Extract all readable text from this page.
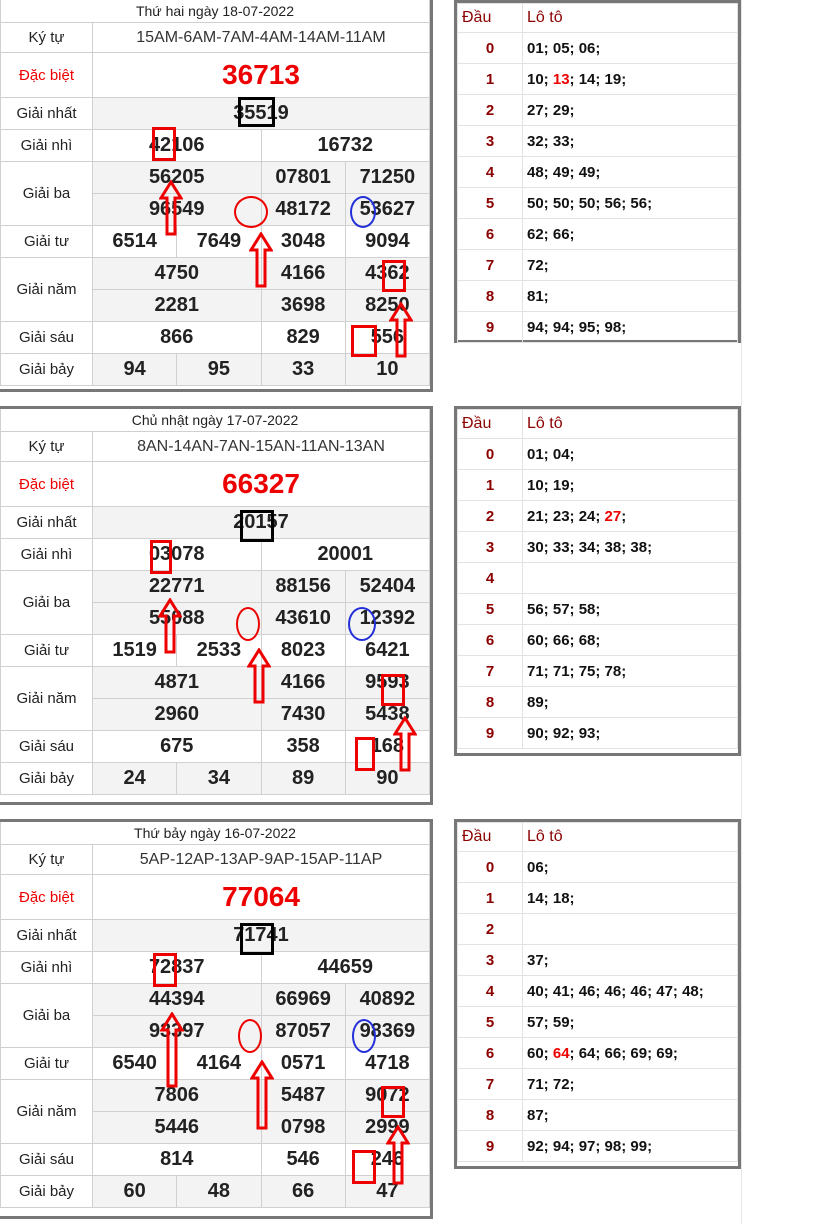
Thứ hai ngày 18-07-2022				
Ký tự	15AM-6AM-7AM-4AM-14AM-11AM			
Đặc biệt	36713			
Giải nhất	35519			
Giải nhì	42106		16732	
Giải ba	56205		07801	71250
	96549		48172	53627
Giải tư	6514	7649	3048	9094
Giải năm	4750		4166	4362
	2281		3698	8250
Giải sáu	866		829	556
Giải bảy	94	95	33	10
Đầu	Lô tô
0	01; 05; 06;
1	10; 13; 14; 19;
2	27; 29;
3	32; 33;
4	48; 49; 49;
5	50; 50; 50; 56; 56;
6	62; 66;
7	72;
8	81;
9	94; 94; 95; 98;
Chủ nhật ngày 17-07-2022				
Ký tự	8AN-14AN-7AN-15AN-11AN-13AN			
Đặc biệt	66327			
Giải nhất	20157			
Giải nhì	03078		20001	
Giải ba	22771		88156	52404
	55088		43610	12392
Giải tư	1519	2533	8023	6421
Giải năm	4871		4166	9593
	2960		7430	5438
Giải sáu	675		358	168
Giải bảy	24	34	89	90
Đầu	Lô tô
0	01; 04;
1	10; 19;
2	21; 23; 24; 27;
3	30; 33; 34; 38; 38;
4	
5	56; 57; 58;
6	60; 66; 68;
7	71; 71; 75; 78;
8	89;
9	90; 92; 93;
Thứ bảy ngày 16-07-2022				
Ký tự	5AP-12AP-13AP-9AP-15AP-11AP			
Đặc biệt	77064			
Giải nhất	71741			
Giải nhì	72837		44659	
Giải ba	44394		66969	40892
	93397		87057	98369
Giải tư	6540	4164	0571	4718
Giải năm	7806		5487	9072
	5446		0798	2999
Giải sáu	814		546	246
Giải bảy	60	48	66	47
Đầu	Lô tô
0	06;
1	14; 18;
2	
3	37;
4	40; 41; 46; 46; 46; 47; 48;
5	57; 59;
6	60; 64; 64; 66; 69; 69;
7	71; 72;
8	87;
9	92; 94; 97; 98; 99;
